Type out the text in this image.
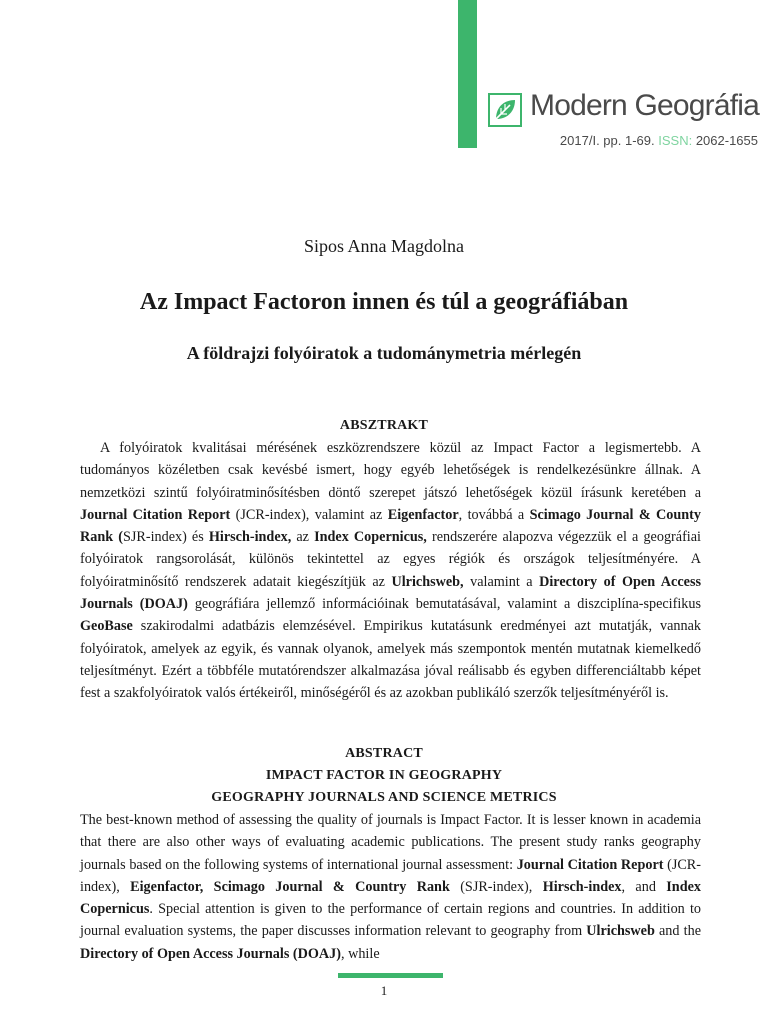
Modern Geográfia
2017/I. pp. 1-69. ISSN: 2062-1655
Sipos Anna Magdolna
Az Impact Factoron innen és túl a geográfiában
A földrajzi folyóiratok a tudománymetria mérlegén
ABSZTRAKT

A folyóiratok kvalitásai mérésének eszközrendszere közül az Impact Factor a legismertebb. A tudományos közéletben csak kevésbé ismert, hogy egyéb lehetőségek is rendelkezésünkre állnak. A nemzetközi szintű folyóiratminősítésben döntő szerepet játszó lehetőségek közül írásunk keretében a Journal Citation Report (JCR-index), valamint az Eigenfactor, továbbá a Scimago Journal & County Rank (SJR-index) és Hirsch-index, az Index Copernicus, rendszerére alapozva végezzük el a geográfiai folyóiratok rangsorolását, különös tekintettel az egyes régiók és országok teljesítményére. A folyóiratminősítő rendszerek adatait kiegészítjük az Ulrichsweb, valamint a Directory of Open Access Journals (DOAJ) geográfiára jellemző információinak bemutatásával, valamint a diszciplína-specifikus GeoBase szakirodalmi adatbázis elemzésével. Empirikus kutatásunk eredményei azt mutatják, vannak folyóiratok, amelyek az egyik, és vannak olyanok, amelyek más szempontok mentén mutatnak kiemelkedő teljesítményt. Ezért a többféle mutatórendszer alkalmazása jóval reálisabb és egyben differenciáltabb képet fest a szakfolyóiratok valós értékeiről, minőségéről és az azokban publikáló szerzők teljesítményéről is.

ABSTRACT
IMPACT FACTOR IN GEOGRAPHY
GEOGRAPHY JOURNALS AND SCIENCE METRICS

The best-known method of assessing the quality of journals is Impact Factor. It is lesser known in academia that there are also other ways of evaluating academic publications. The present study ranks geography journals based on the following systems of international journal assessment: Journal Citation Report (JCR-index), Eigenfactor, Scimago Journal & Country Rank (SJR-index), Hirsch-index, and Index Copernicus. Special attention is given to the performance of certain regions and countries. In addition to journal evaluation systems, the paper discusses information relevant to geography from Ulrichsweb and the Directory of Open Access Journals (DOAJ), while

1
